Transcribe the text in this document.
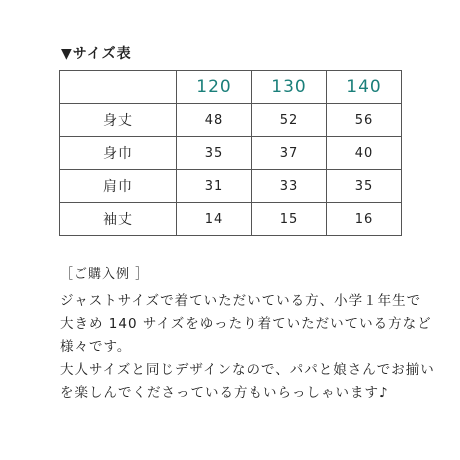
▼サイズ表
	120	130	140
身丈	48	52	56
身巾	35	37	40
肩巾	31	33	35
袖丈	14	15	16
［ご購入例 ］

ジャストサイズで着ていただいている方、小学１年生で

大きめ 140 サイズをゆったり着ていただいている方など

様々です。

大人サイズと同じデザインなので、パパと娘さんでお揃い

を楽しんでくださっている方もいらっしゃいます♪
